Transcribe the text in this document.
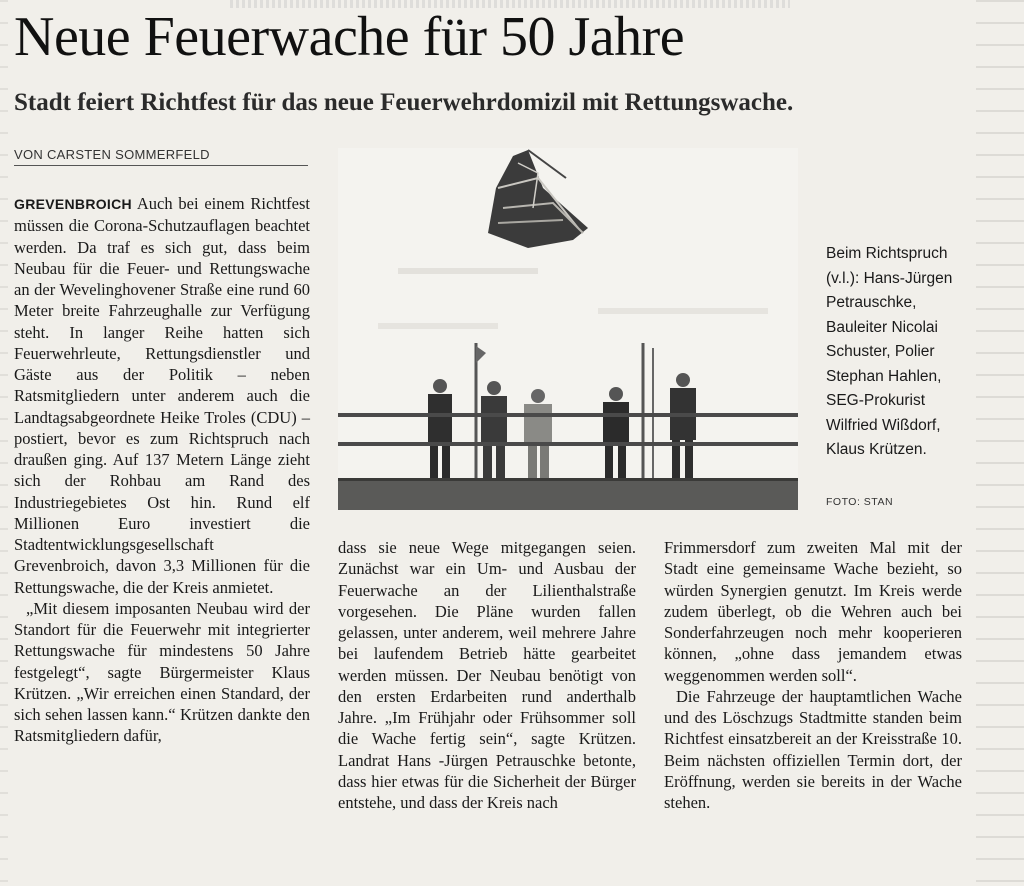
Neue Feuerwache für 50 Jahre
Stadt feiert Richtfest für das neue Feuerwehrdomizil mit Rettungswache.
VON CARSTEN SOMMERFELD

GREVENBROICH Auch bei einem Richtfest müssen die Corona-Schutzauflagen beachtet werden. Da traf es sich gut, dass beim Neubau für die Feuer- und Rettungswache an der Wevelinghovener Straße eine rund 60 Meter breite Fahrzeughalle zur Verfügung steht. In langer Reihe hatten sich Feuerwehrleute, Rettungsdienstler und Gäste aus der Politik – neben Ratsmitgliedern unter anderem auch die Landtagsabgeordnete Heike Troles (CDU) – postiert, bevor es zum Richtspruch nach draußen ging. Auf 137 Metern Länge zieht sich der Rohbau am Rand des Industriegebietes Ost hin. Rund elf Millionen Euro investiert die Stadtentwicklungsgesellschaft Grevenbroich, davon 3,3 Millionen für die Rettungswache, die der Kreis anmietet.

„Mit diesem imposanten Neubau wird der Standort für die Feuerwehr mit integrierter Rettungswache für mindestens 50 Jahre festgelegt“, sagte Bürgermeister Klaus Krützen. „Wir erreichen einen Standard, der sich sehen lassen kann.“ Krützen dankte den Ratsmitgliedern dafür,

Beim Richtspruch (v.l.): Hans-Jürgen Petrauschke, Bauleiter Nicolai Schuster, Polier Stephan Hahlen, SEG-Prokurist Wilfried Wißdorf, Klaus Krützen.
FOTO: STAN

dass sie neue Wege mitgegangen seien. Zunächst war ein Um- und Ausbau der Feuerwache an der Lilienthalstraße vorgesehen. Die Pläne wurden fallen gelassen, unter anderem, weil mehrere Jahre bei laufendem Betrieb hätte gearbeitet werden müssen. Der Neubau benötigt von den ersten Erdarbeiten rund anderthalb Jahre. „Im Frühjahr oder Frühsommer soll die Wache fertig sein“, sagte Krützen. Landrat Hans -Jürgen Petrauschke betonte, dass hier etwas für die Sicherheit der Bürger entstehe, und dass der Kreis nach

Frimmersdorf zum zweiten Mal mit der Stadt eine gemeinsame Wache bezieht, so würden Synergien genutzt. Im Kreis werde zudem überlegt, ob die Wehren auch bei Sonderfahrzeugen noch mehr kooperieren können, „ohne dass jemandem etwas weggenommen werden soll“.

Die Fahrzeuge der hauptamtlichen Wache und des Löschzugs Stadtmitte standen beim Richtfest einsatzbereit an der Kreisstraße 10. Beim nächsten offiziellen Termin dort, der Eröffnung, werden sie bereits in der Wache stehen.
